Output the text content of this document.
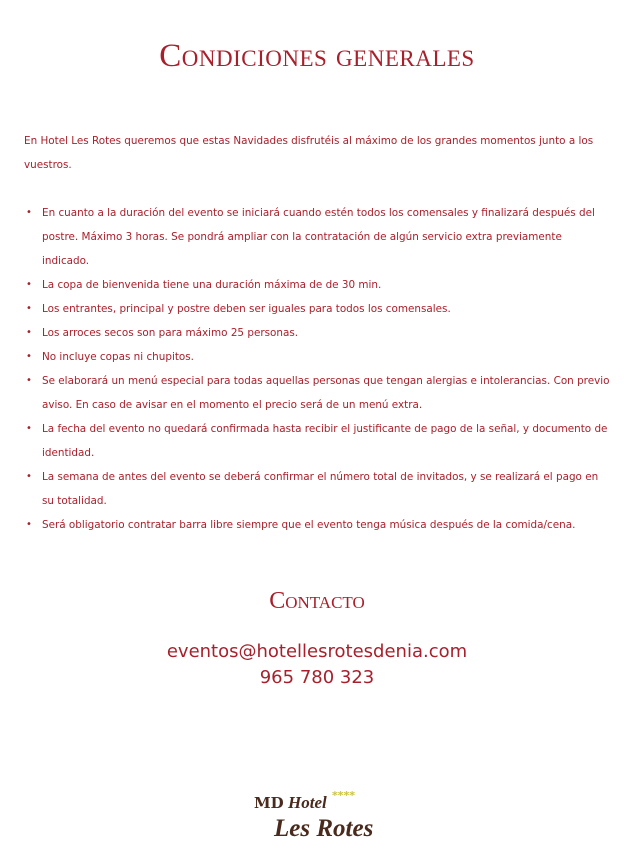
Condiciones generales
En Hotel Les Rotes queremos que estas Navidades disfrutéis al máximo de los grandes momentos junto a los vuestros.
• En cuanto a la duración del evento se iniciará cuando estén todos los comensales y finalizará después del postre. Máximo 3 horas. Se pondrá ampliar con la contratación de algún servicio extra previamente indicado.
• La copa de bienvenida tiene una duración máxima de de 30 min.
• Los entrantes, principal y postre deben ser iguales para todos los comensales.
• Los arroces secos son para máximo 25 personas.
• No incluye copas ni chupitos.
• Se elaborará un menú especial para todas aquellas personas que tengan alergias e intolerancias. Con previo aviso. En caso de avisar en el momento el precio será de un menú extra.
• La fecha del evento no quedará confirmada hasta recibir el justificante de pago de la señal, y documento de identidad.
• La semana de antes del evento se deberá confirmar el número total de invitados, y se realizará el pago en su totalidad.
• Será obligatorio contratar barra libre siempre que el evento tenga música después de la comida/cena.
Contacto
eventos@hotellesrotesdenia.com
965 780 323
MD Hotel ****
Les Rotes
